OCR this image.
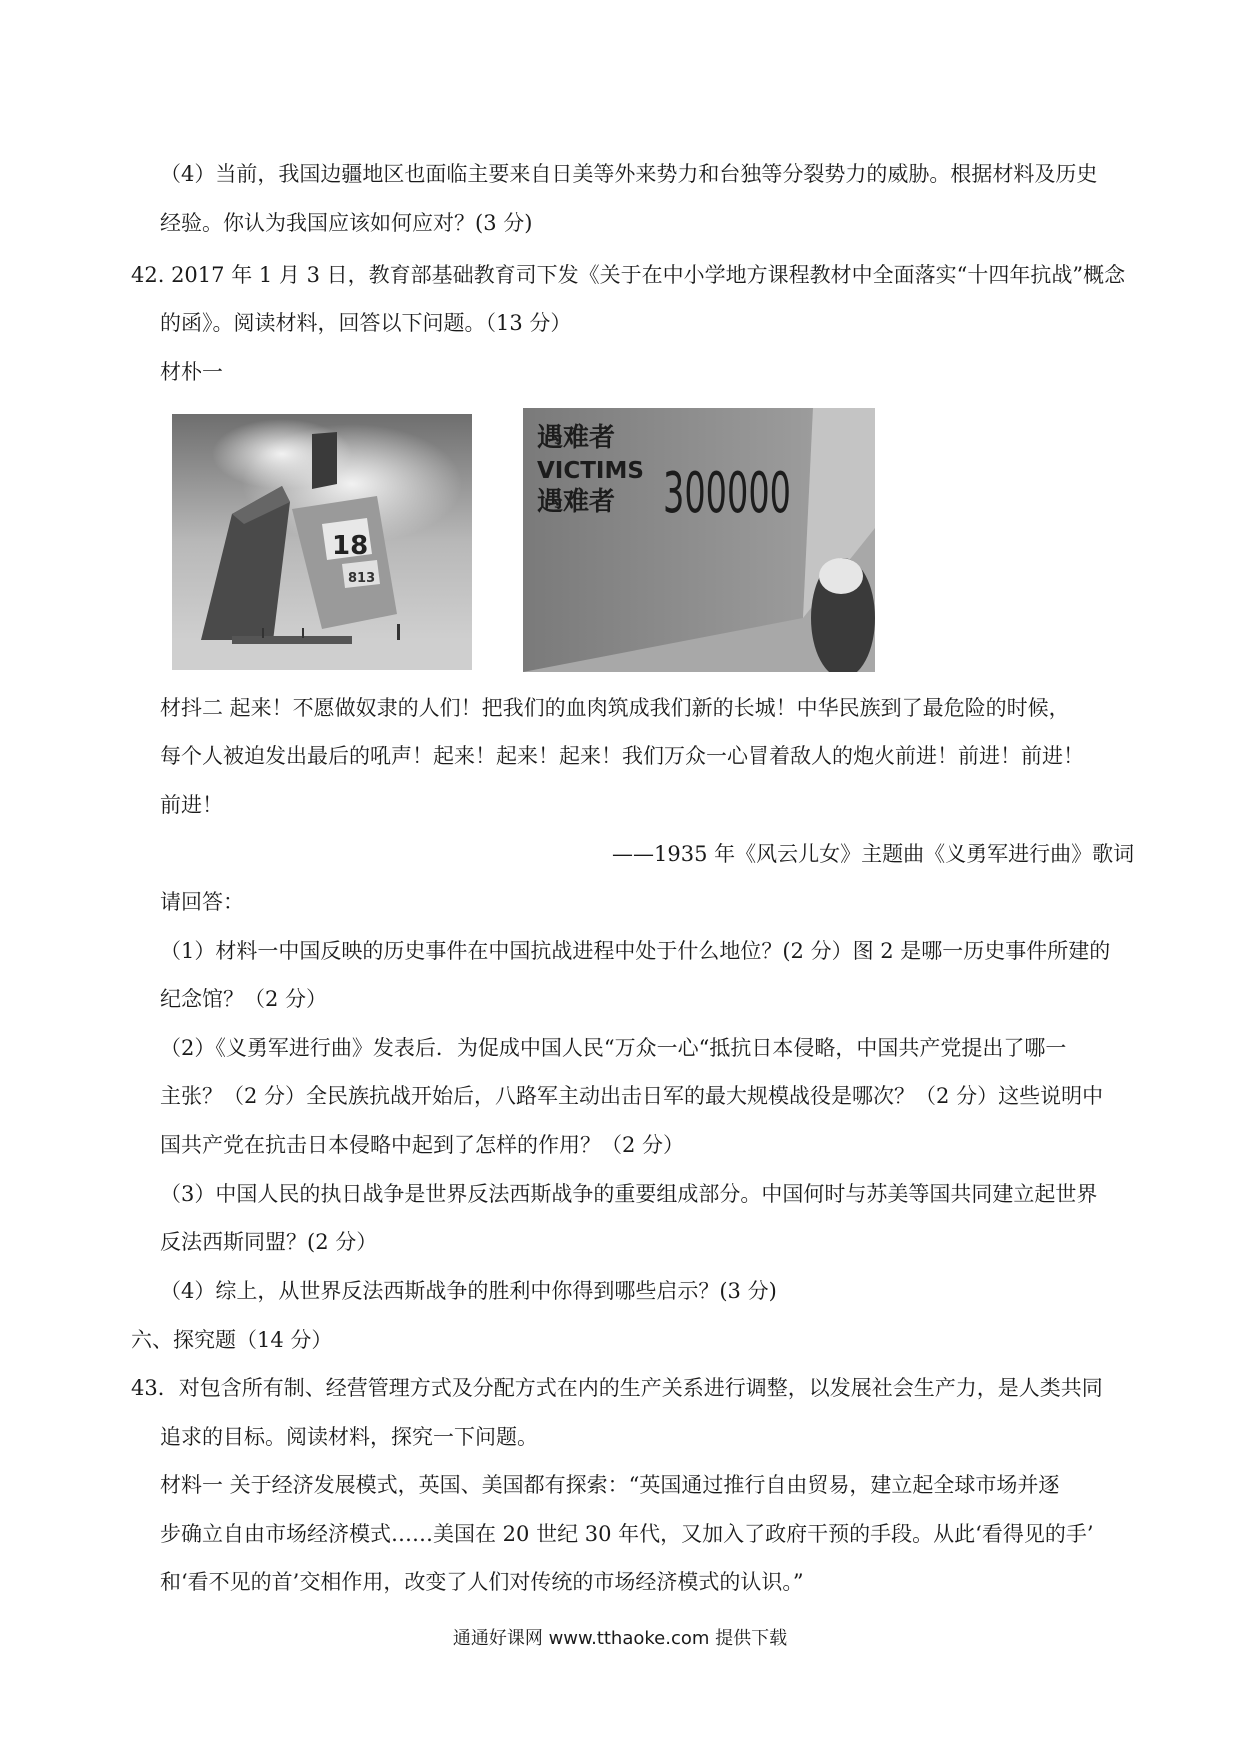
（4）当前，我国边疆地区也面临主要来自日美等外来势力和台独等分裂势力的威胁。根据材料及历史
经验。你认为我国应该如何应对？(3 分)
42. 2017 年 1 月 3 日，教育部基础教育司下发《关于在中小学地方课程教材中全面落实“十四年抗战”概念
的函》。阅读材料，回答以下问题。（13 分）
材朴一
18
813
遇难者
VICTIMS
遇难者 300000
材抖二 起来！不愿做奴隶的人们！把我们的血肉筑成我们新的长城！中华民族到了最危险的时候，
每个人被迫发出最后的吼声！起来！起来！起来！我们万众一心冒着敌人的炮火前进！前进！前进！
前进！
——1935 年《风云儿女》主题曲《义勇军进行曲》歌词
请回答：
（1）材料一中国反映的历史事件在中国抗战进程中处于什么地位？(2 分）图 2 是哪一历史事件所建的
纪念馆？（2 分）
（2）《义勇军进行曲》发表后．为促成中国人民“万众一心“抵抗日本侵略，中国共产党提出了哪一
主张？（2 分）全民族抗战开始后，八路军主动出击日军的最大规模战役是哪次？（2 分）这些说明中
国共产党在抗击日本侵略中起到了怎样的作用？（2 分）
（3）中国人民的执日战争是世界反法西斯战争的重要组成部分。中国何时与苏美等国共同建立起世界
反法西斯同盟？(2 分）
（4）综上，从世界反法西斯战争的胜利中你得到哪些启示？(3 分)
六、探究题（14 分）
43．对包含所有制、经营管理方式及分配方式在内的生产关系进行调整，以发展社会生产力，是人类共同
追求的目标。阅读材料，探究一下问题。
材料一 关于经济发展模式，英国、美国都有探索：“英国通过推行自由贸易，建立起全球市场并逐
步确立自由市场经济模式……美国在 20 世纪 30 年代，又加入了政府干预的手段。从此‘看得见的手’
和‘看不见的首’交相作用，改变了人们对传统的市场经济模式的认识。”
通通好课网 www.tthaoke.com 提供下载
